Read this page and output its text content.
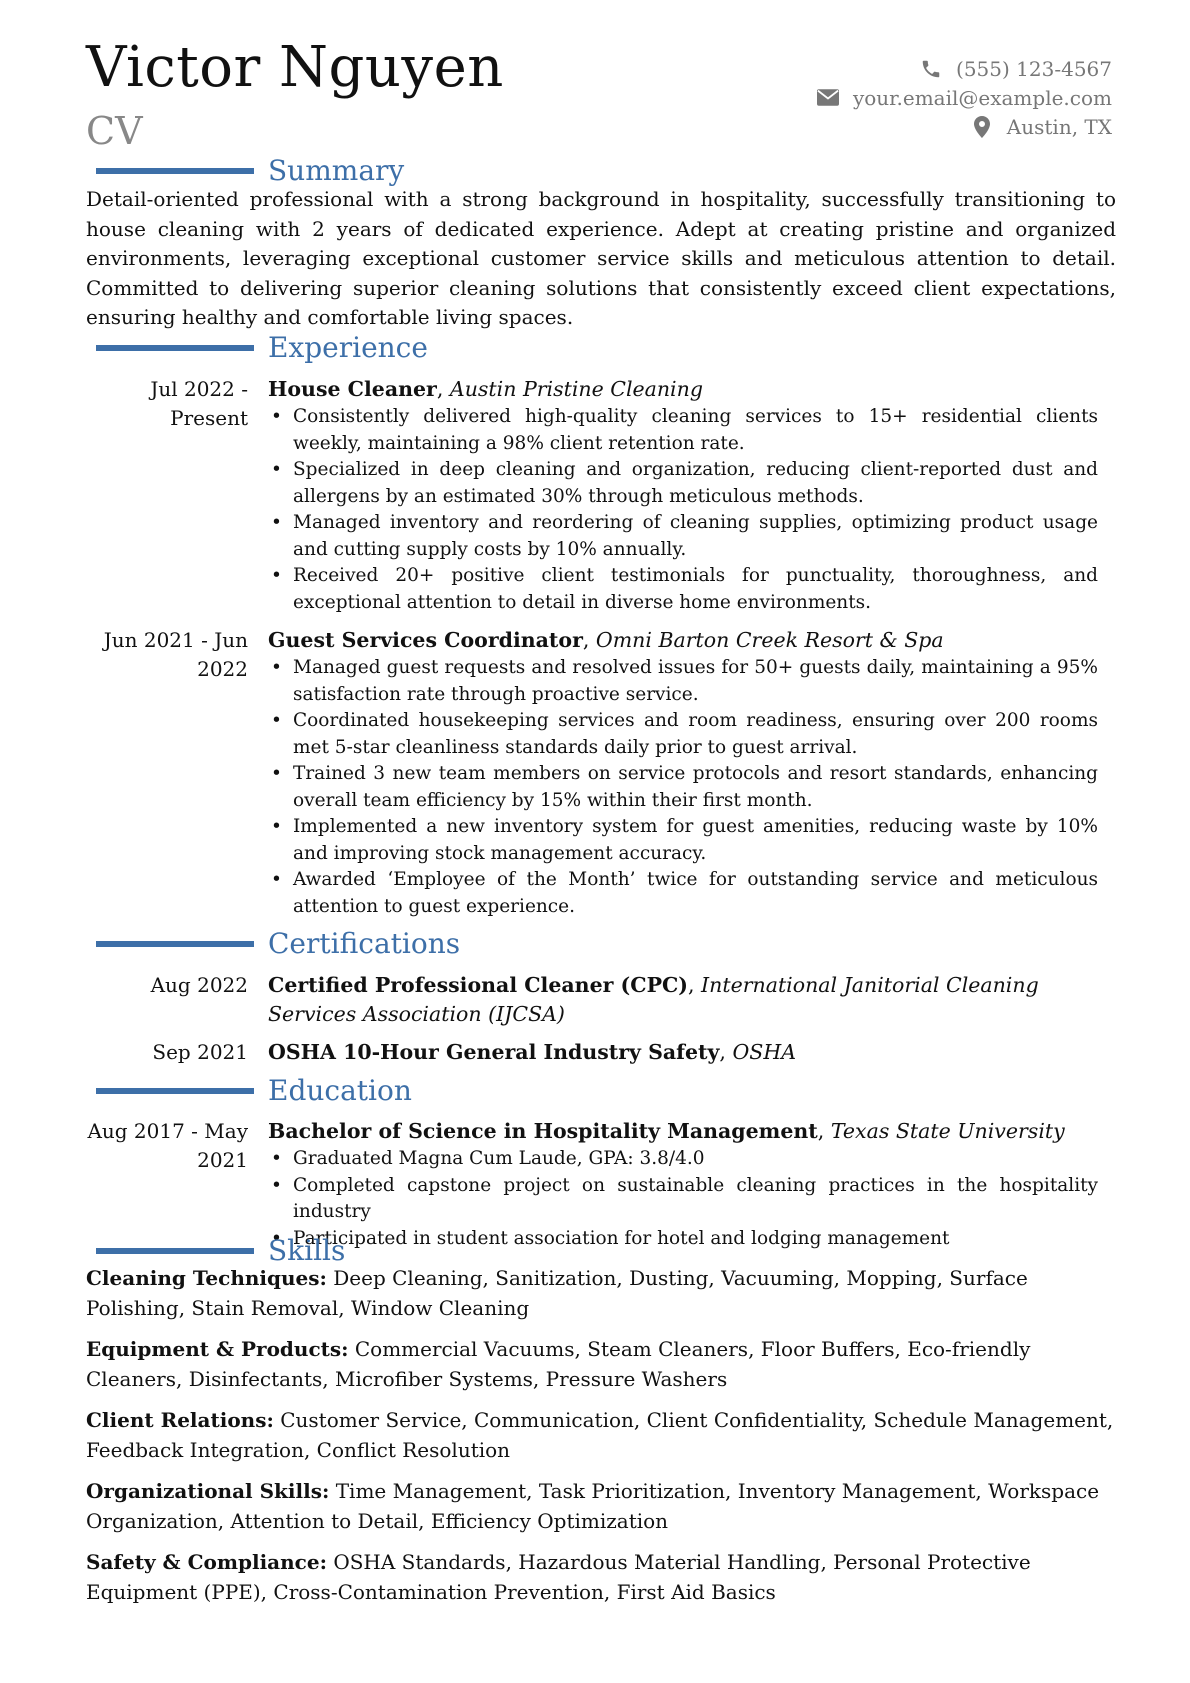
Victor Nguyen
CV
(555) 123-4567
your.email@example.com
Austin, TX
Summary
Detail-oriented professional with a strong background in hospitality, successfully transitioning to house cleaning with 2 years of dedicated experience. Adept at creating pristine and organized environments, leveraging exceptional customer service skills and meticulous attention to detail. Committed to delivering superior cleaning solutions that consistently exceed client expectations, ensuring healthy and comfortable living spaces.
Experience
Jul 2022 - Present
House Cleaner, Austin Pristine Cleaning
• Consistently delivered high-quality cleaning services to 15+ residential clients weekly, maintaining a 98% client retention rate.
• Specialized in deep cleaning and organization, reducing client-reported dust and allergens by an estimated 30% through meticulous methods.
• Managed inventory and reordering of cleaning supplies, optimizing product usage and cutting supply costs by 10% annually.
• Received 20+ positive client testimonials for punctuality, thoroughness, and exceptional attention to detail in diverse home environments.
Jun 2021 - Jun 2022
Guest Services Coordinator, Omni Barton Creek Resort & Spa
• Managed guest requests and resolved issues for 50+ guests daily, maintaining a 95% satisfaction rate through proactive service.
• Coordinated housekeeping services and room readiness, ensuring over 200 rooms met 5-star cleanliness standards daily prior to guest arrival.
• Trained 3 new team members on service protocols and resort standards, enhancing overall team efficiency by 15% within their first month.
• Implemented a new inventory system for guest amenities, reducing waste by 10% and improving stock management accuracy.
• Awarded ‘Employee of the Month’ twice for outstanding service and meticulous attention to guest experience.
Certifications
Aug 2022 Certified Professional Cleaner (CPC), International Janitorial Cleaning Services Association (IJCSA)
Sep 2021 OSHA 10-Hour General Industry Safety, OSHA
Education
Aug 2017 - May 2021
Bachelor of Science in Hospitality Management, Texas State University
• Graduated Magna Cum Laude, GPA: 3.8/4.0
• Completed capstone project on sustainable cleaning practices in the hospitality industry
• Participated in student association for hotel and lodging management
Skills
Cleaning Techniques: Deep Cleaning, Sanitization, Dusting, Vacuuming, Mopping, Surface Polishing, Stain Removal, Window Cleaning
Equipment & Products: Commercial Vacuums, Steam Cleaners, Floor Buffers, Eco-friendly Cleaners, Disinfectants, Microfiber Systems, Pressure Washers
Client Relations: Customer Service, Communication, Client Confidentiality, Schedule Management, Feedback Integration, Conflict Resolution
Organizational Skills: Time Management, Task Prioritization, Inventory Management, Workspace Organization, Attention to Detail, Efficiency Optimization
Safety & Compliance: OSHA Standards, Hazardous Material Handling, Personal Protective Equipment (PPE), Cross-Contamination Prevention, First Aid Basics
